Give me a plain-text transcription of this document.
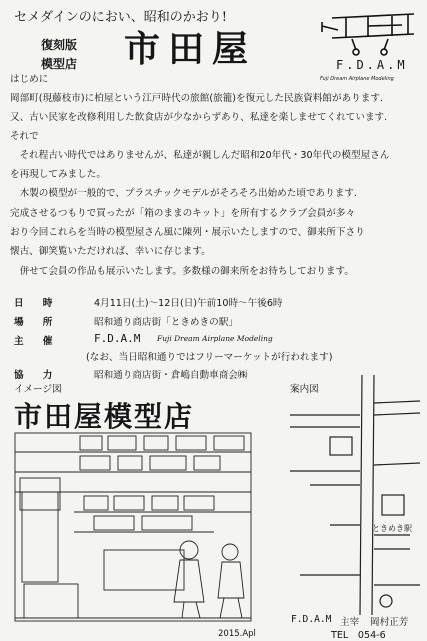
セメダインのにおい、昭和のかおり!
復刻版
模型店 市田屋	F.D.A.M
Fuji Dream Airplane Modeling
はじめに
岡部町(現藤枝市)に柏屋という江戸時代の旅館(旅籠)を復元した民族資料館があります.
又、古い民家を改修利用した飲食店が少なからずあり、私達を楽しませてくれています.
それで
　それ程古い時代ではありませんが、私達が親しんだ昭和20年代・30年代の模型屋さん
を再現してみました。
　木製の模型が一般的で、プラスチックモデルがそろそろ出始めた頃であります.
完成させるつもりで買ったが「箱のままのキット」を所有するクラブ会員が多々
おり今回これらを当時の模型屋さん風に陳列・展示いたしますので、御来所下さり
懐古、御笑覧いただければ、幸いに存じます。
　併せて会員の作品も展示いたします。多数様の御来所をお待ちしております。
日　　時	4月11日(土)～12日(日)午前10時～午後6時
場　　所	昭和通り商店街「ときめきの駅」
主　　催	F.D.A.M Fuji Dream Airplane Modeling
(なお、当日昭和通りではフリーマーケットが行われます)
協　　力	昭和通り商店街・倉嶋自動車商会㈱
イメージ図	案内図
市田屋模型店
ときめき駅
2015.Apl
F.D.A.M 主宰 岡村正芳
TEL　054-6
